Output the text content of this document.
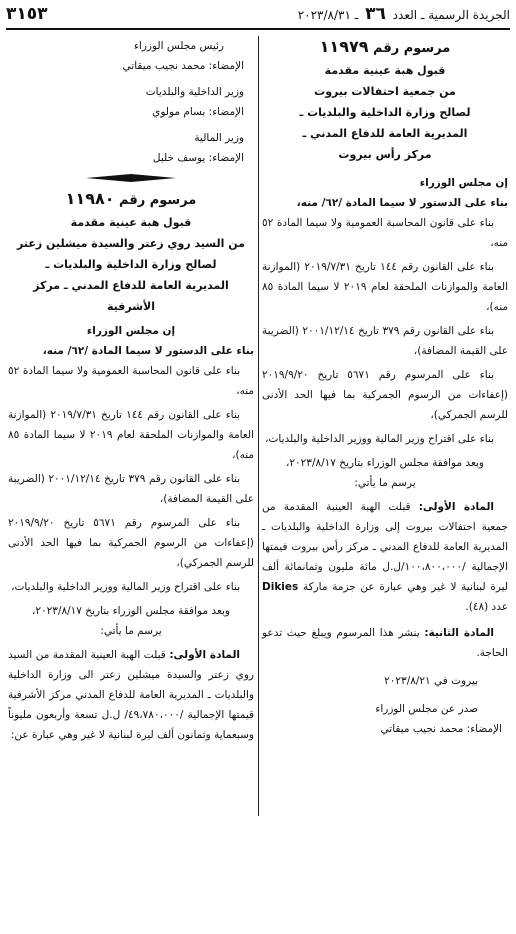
الجريدة الرسمية ـ العدد ٣٦ ـ ٢٠٢٣/٨/٣١
٣١٥٣
مرسوم رقم ١١٩٧٩
قبول هبة عينية مقدمة
من جمعية احتفالات بيروت
لصالح وزارة الداخلية والبلديات ـ
المديرية العامة للدفاع المدني ـ
مركز رأس بيروت

إن مجلس الوزراء

بناء على الدستور لا سيما المادة /٦٢/ منه،

بناء على قانون المحاسبة العمومية ولا سيما المادة ٥٢ منه،

بناء على القانون رقم ١٤٤ تاريخ ٢٠١٩/٧/٣١ (الموازنة العامة والموازنات الملحقة لعام ٢٠١٩ لا سيما المادة ٨٥ منه)،

بناء على القانون رقم ٣٧٩ تاريخ ٢٠٠١/١٢/١٤ (الضريبة على القيمة المضافة)،

بناء على المرسوم رقم ٥٦٧١ تاريخ ٢٠١٩/٩/٢٠ (إعفاءات من الرسوم الجمركية بما فيها الحد الأدنى للرسم الجمركي)،

بناء على اقتراح وزير المالية ووزير الداخلية والبلديات،

وبعد موافقة مجلس الوزراء بتاريخ ٢٠٢٣/٨/١٧،

يرسم ما يأتي:

المادة الأولى: قبلت الهبة العينية المقدمة من جمعية احتفالات بيروت إلى وزارة الداخلية والبلديات ـ المديرية العامة للدفاع المدني ـ مركز رأس بيروت فيمتها الإجمالية /١٠٠،٨٠٠،٠٠٠/ل.ل مائة مليون وثمانمائة ألف ليرة لبنانية لا غير وهي عبارة عن جزمة ماركة Dikies عدد (٤٨).

المادة الثانية: ينشر هذا المرسوم ويبلغ حيث تدعو الحاجة.

بيروت في ٢٠٢٣/٨/٢١

صدر عن مجلس الوزراء

الإمضاء: محمد نجيب ميقاتي

رئيس مجلس الوزراء

الإمضاء: محمد نجيب ميقاتي

وزير الداخلية والبلديات

الإمضاء: بسام مولوي

وزير المالية

الإمضاء: يوسف خليل

مرسوم رقم ١١٩٨٠
قبول هبة عينية مقدمة
من السيد روي زعتر والسيدة ميشلين زعتر
لصالح وزارة الداخلية والبلديات ـ
المديرية العامة للدفاع المدني ـ مركز الأشرفية

إن مجلس الوزراء

بناء على الدستور لا سيما المادة /٦٢/ منه،

بناء على قانون المحاسبة العمومية ولا سيما المادة ٥٢ منه،

بناء على القانون رقم ١٤٤ تاريخ ٢٠١٩/٧/٣١ (الموازنة العامة والموازنات الملحقة لعام ٢٠١٩ لا سيما المادة ٨٥ منه)،

بناء على القانون رقم ٣٧٩ تاريخ ٢٠٠١/١٢/١٤ (الضريبة على القيمة المضافة)،

بناء على المرسوم رقم ٥٦٧١ تاريخ ٢٠١٩/٩/٢٠ (إعفاءات من الرسوم الجمركية بما فيها الحد الأدنى للرسم الجمركي)،

بناء على اقتراح وزير المالية ووزير الداخلية والبلديات،

وبعد موافقة مجلس الوزراء بتاريخ ٢٠٢٣/٨/١٧،

يرسم ما يأتي:

المادة الأولى: قبلت الهبة العينية المقدمة من السيد روي زعتر والسيدة ميشلين زعتر الى وزارة الداخلية والبلديات ـ المديرية العامة للدفاع المدني مركز الأشرفية قيمتها الإجمالية /٤٩،٧٨٠،٠٠٠/ ل.ل تسعة وأربعون مليوناً وسبعماية وثمانون ألف ليرة لبنانية لا غير وهي عبارة عن:
